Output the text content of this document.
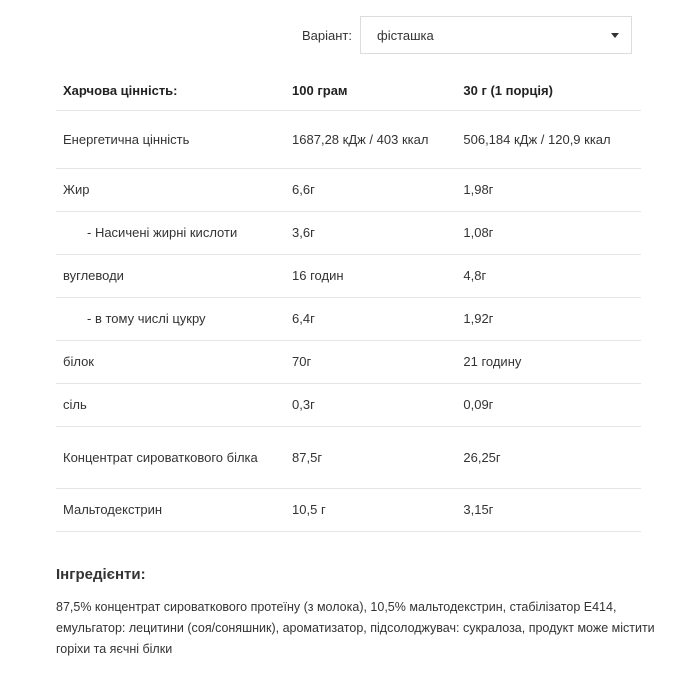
Варіант: фісташка
Харчова цінність:	100 грам	30 г (1 порція)
Енергетична цінність	1687,28 кДж / 403 ккал	506,184 кДж / 120,9 ккал
Жир	6,6г	1,98г
- Насичені жирні кислоти	3,6г	1,08г
вуглеводи	16 годин	4,8г
- в тому числі цукру	6,4г	1,92г
білок	70г	21 годину
сіль	0,3г	0,09г
Концентрат сироваткового білка	87,5г	26,25г
Мальтодекстрин	10,5 г	3,15г
Інгредієнти:
87,5% концентрат сироваткового протеїну (з молока), 10,5% мальтодекстрин, стабілізатор E414, емульгатор: лецитини (соя/соняшник), ароматизатор, підсолоджувач: сукралоза, продукт може містити горіхи та яєчні білки
